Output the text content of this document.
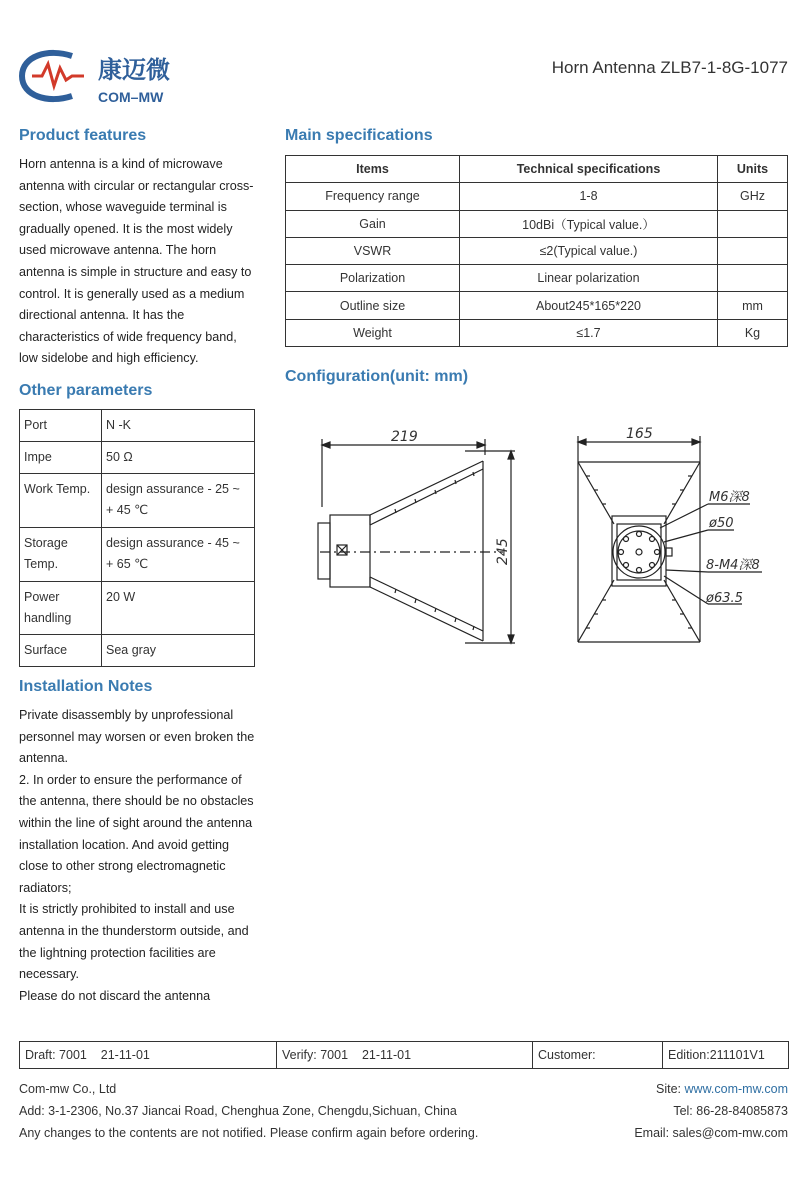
康迈微
COM–MW
Horn Antenna ZLB7-1-8G-1077
Product features
Horn antenna is a kind of microwave
antenna with circular or rectangular cross-
section, whose waveguide terminal is
gradually opened. It is the most widely
used microwave antenna. The horn
antenna is simple in structure and easy to
control. It is generally used as a medium
directional antenna. It has the
characteristics of wide frequency band,
low sidelobe and high efficiency.
Other parameters
Port	N -K
Impe	50 Ω
Work Temp.	design assurance - 25 ~ + 45 ℃
Storage Temp.	design assurance - 45 ~ + 65 ℃
Power handling	20 W
Surface	Sea gray
Installation Notes
Private disassembly by unprofessional
personnel may worsen or even broken the
antenna.
2. In order to ensure the performance of
the antenna, there should be no obstacles
within the line of sight around the antenna
installation location. And avoid getting
close to other strong electromagnetic
radiators;
It is strictly prohibited to install and use
antenna in the thunderstorm outside, and
the lightning protection facilities are
necessary.
Please do not discard the antenna
Main specifications
Items	Technical specifications	Units
Frequency range	1-8	GHz
Gain	10dBi（Typical value.）	
VSWR	≤2(Typical value.)	
Polarization	Linear polarization	
Outline size	About245*165*220	mm
Weight	≤1.7	Kg
Configuration(unit: mm)
219
245
165
M6深8
ø50
8-M4深8
ø63.5
Draft: 7001 21-11-01	Verify: 7001 21-11-01	Customer:	Edition:211101V1
Com-mw Co., Ltd
Add: 3-1-2306, No.37 Jiancai Road, Chenghua Zone, Chengdu,Sichuan, China
Any changes to the contents are not notified. Please confirm again before ordering.
Site: www.com-mw.com
Tel: 86-28-84085873
Email: sales@com-mw.com
